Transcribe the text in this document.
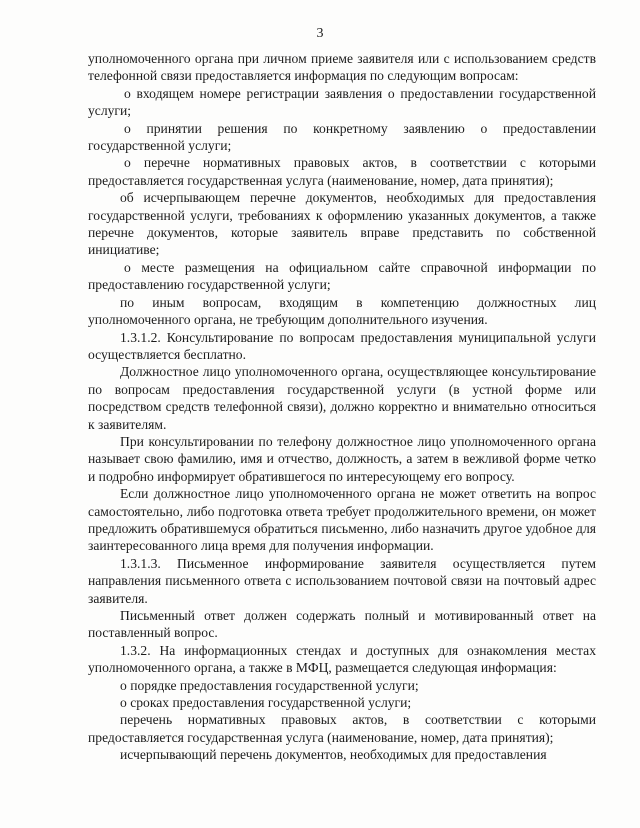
3

уполномоченного органа при личном приеме заявителя или с использованием средств телефонной связи предоставляется информация по следующим вопросам:

о входящем номере регистрации заявления о предоставлении государственной услуги;

о принятии решения по конкретному заявлению о предоставлении государственной услуги;

о перечне нормативных правовых актов, в соответствии с которыми предоставляется государственная услуга (наименование, номер, дата принятия);

об исчерпывающем перечне документов, необходимых для предоставления государственной услуги, требованиях к оформлению указанных документов, а также перечне документов, которые заявитель вправе представить по собственной инициативе;

о месте размещения на официальном сайте справочной информации по предоставлению государственной услуги;

по иным вопросам, входящим в компетенцию должностных лиц уполномоченного органа, не требующим дополнительного изучения.

1.3.1.2. Консультирование по вопросам предоставления муниципальной услуги осуществляется бесплатно.

Должностное лицо уполномоченного органа, осуществляющее консультирование по вопросам предоставления государственной услуги (в устной форме или посредством средств телефонной связи), должно корректно и внимательно относиться к заявителям.

При консультировании по телефону должностное лицо уполномоченного органа называет свою фамилию, имя и отчество, должность, а затем в вежливой форме четко и подробно информирует обратившегося по интересующему его вопросу.

Если должностное лицо уполномоченного органа не может ответить на вопрос самостоятельно, либо подготовка ответа требует продолжительного времени, он может предложить обратившемуся обратиться письменно, либо назначить другое удобное для заинтересованного лица время для получения информации.

1.3.1.3. Письменное информирование заявителя осуществляется путем направления письменного ответа с использованием почтовой связи на почтовый адрес заявителя.

Письменный ответ должен содержать полный и мотивированный ответ на поставленный вопрос.

1.3.2. На информационных стендах и доступных для ознакомления местах уполномоченного органа, а также в МФЦ, размещается следующая информация:

о порядке предоставления государственной услуги;

о сроках предоставления государственной услуги;

перечень нормативных правовых актов, в соответствии с которыми предоставляется государственная услуга (наименование, номер, дата принятия);

исчерпывающий перечень документов, необходимых для предоставления
